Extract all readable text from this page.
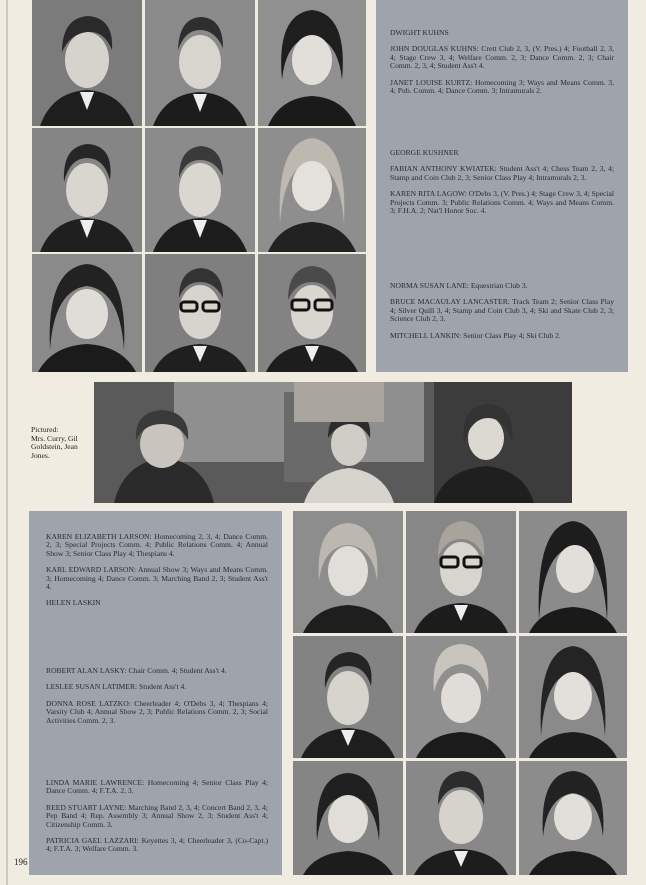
DWIGHT KUHNS

JOHN DOUGLAS KUHNS: Crett Club 2, 3, (V. Pres.) 4; Football 2, 3, 4; Stage Crew 3, 4; Welfare Comm. 2, 3; Dance Comm. 2, 3; Chair Comm. 2, 3, 4; Student Ass't 4.

JANET LOUISE KURTZ: Homecoming 3; Ways and Means Comm. 3, 4; Pub. Comm. 4; Dance Comm. 3; Intramurals 2.

GEORGE KUSHNER

FABIAN ANTHONY KWIATEK: Student Ass't 4; Chess Team 2, 3, 4; Stamp and Coin Club 2, 3; Senior Class Play 4; Intramurals 2, 3.

KAREN RITA LAGOW: O'Debs 3, (V. Pres.) 4; Stage Crew 3, 4; Special Projects Comm. 3; Public Relations Comm. 4; Ways and Means Comm. 3; F.H.A. 2; Nat'l Honor Soc. 4.

NORMA SUSAN LANE: Equestrian Club 3.

BRUCE MACAULAY LANCASTER: Track Team 2; Senior Class Play 4; Silver Quill 3, 4; Stamp and Coin Club 3, 4; Ski and Skate Club 2, 3; Science Club 2, 3.

MITCHELL LANKIN: Senior Class Play 4; Ski Club 2.

Pictured:
Mrs. Curry, Gil Goldstein, Jean Jones.

KAREN ELIZABETH LARSON: Homecoming 2, 3, 4; Dance Comm. 2, 3; Special Projects Comm. 4; Public Relations Comm. 4; Annual Show 3; Senior Class Play 4; Thespians 4.

KARL EDWARD LARSON: Annual Show 3; Ways and Means Comm. 3; Homecoming 4; Dance Comm. 3; Marching Band 2, 3; Student Ass't 4.

HELEN LASKIN

ROBERT ALAN LASKY: Chair Comm. 4; Student Ass't 4.

LESLEE SUSAN LATIMER: Student Ass't 4.

DONNA ROSE LATZKO: Cheerleader 4; O'Debs 3, 4; Thespians 4; Varsity Club 4; Annual Show 2, 3; Public Relations Comm. 2, 3; Social Activities Comm. 2, 3.

LINDA MARIE LAWRENCE: Homecoming 4; Senior Class Play 4; Dance Comm. 4; F.T.A. 2, 3.

REED STUART LAYNE: Marching Band 2, 3, 4; Concert Band 2, 3, 4; Pep Band 4; Rep. Assembly 3; Annual Show 2, 3; Student Ass't 4; Citizenship Comm. 3.

PATRICIA GAEL LAZZARI: Keyettes 3, 4; Cheerleader 3, (Co-Capt.) 4; F.T.A. 3; Welfare Comm. 3.

196
